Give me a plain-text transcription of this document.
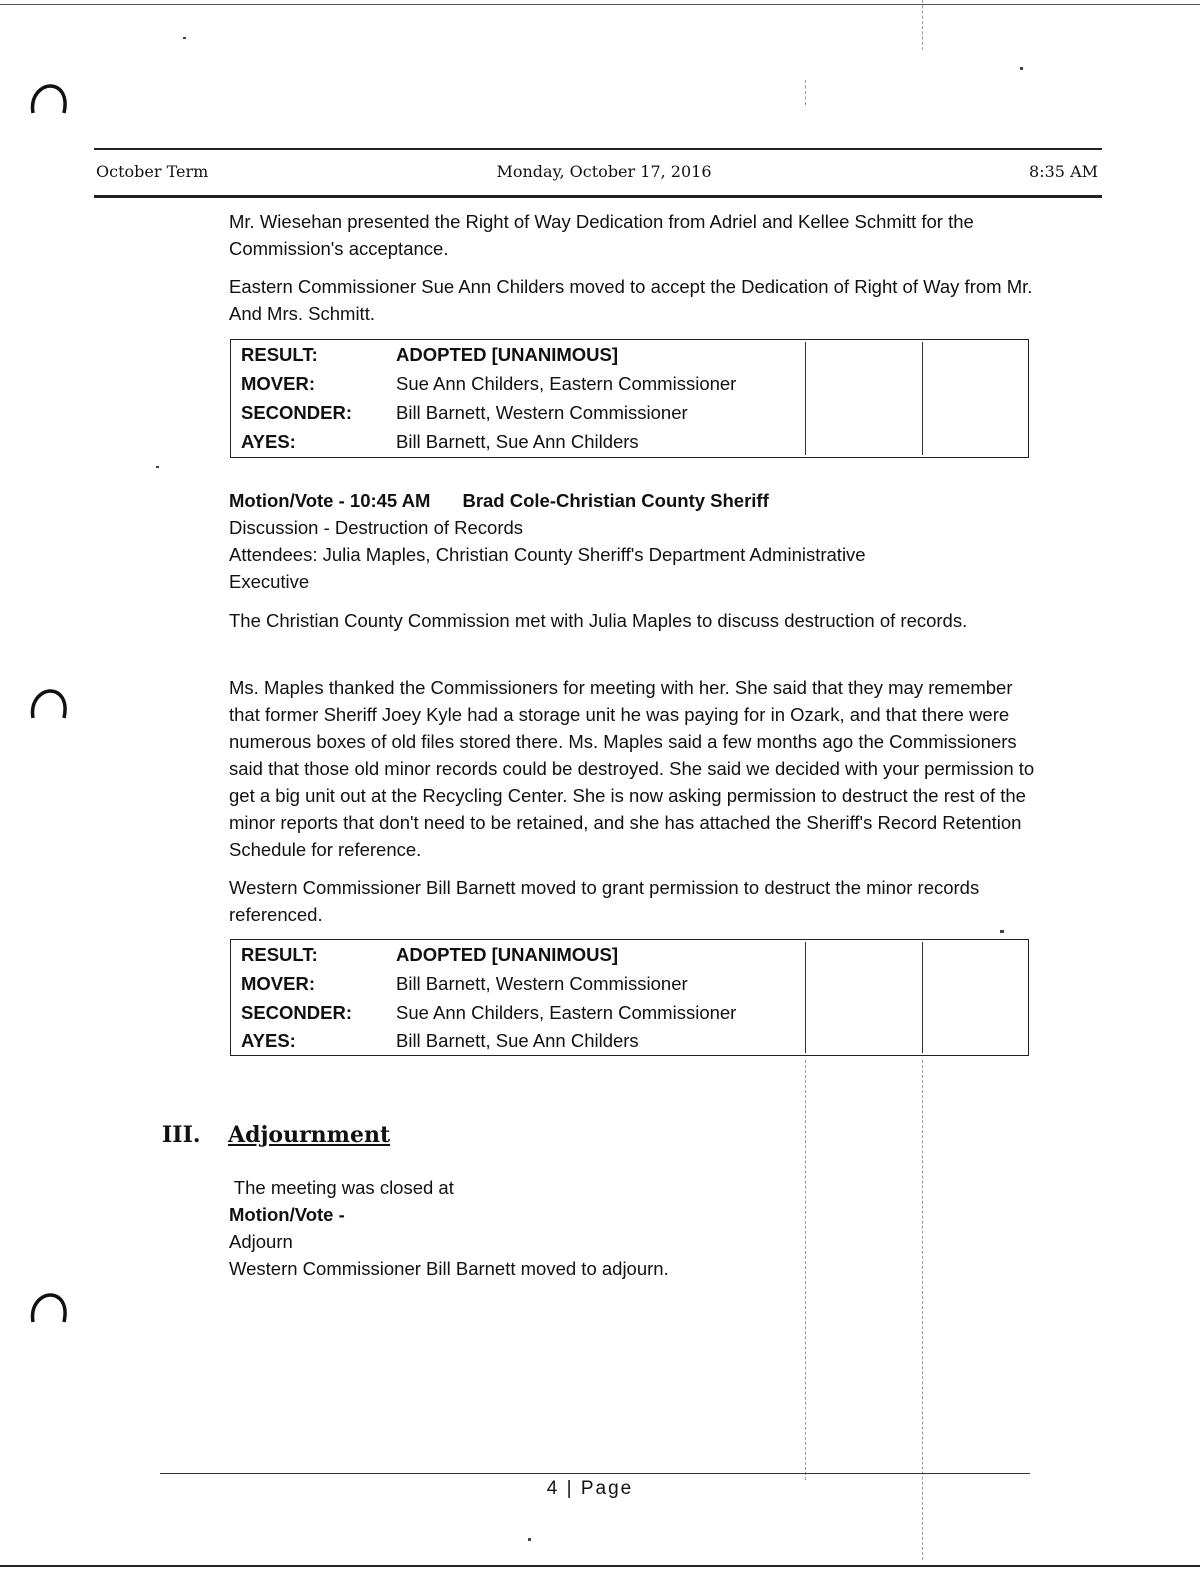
October Term	Monday, October 17, 2016	8:35 AM

Mr. Wiesehan presented the Right of Way Dedication from Adriel and Kellee Schmitt for the Commission's acceptance.

Eastern Commissioner Sue Ann Childers moved to accept the Dedication of Right of Way from Mr. And Mrs. Schmitt.

RESULT:	ADOPTED [UNANIMOUS]
MOVER:	Sue Ann Childers, Eastern Commissioner
SECONDER: Bill Barnett, Western Commissioner
AYES:	Bill Barnett, Sue Ann Childers

Motion/Vote - 10:45 AM Brad Cole-Christian County Sheriff

Discussion - Destruction of Records

Attendees: Julia Maples, Christian County Sheriff's Department Administrative Executive

The Christian County Commission met with Julia Maples to discuss destruction of records.

Ms. Maples thanked the Commissioners for meeting with her. She said that they may remember that former Sheriff Joey Kyle had a storage unit he was paying for in Ozark, and that there were numerous boxes of old files stored there. Ms. Maples said a few months ago the Commissioners said that those old minor records could be destroyed. She said we decided with your permission to get a big unit out at the Recycling Center. She is now asking permission to destruct the rest of the minor reports that don't need to be retained, and she has attached the Sheriff's Record Retention Schedule for reference.

Western Commissioner Bill Barnett moved to grant permission to destruct the minor records referenced.

RESULT:	ADOPTED [UNANIMOUS]
MOVER:	Bill Barnett, Western Commissioner
SECONDER: Sue Ann Childers, Eastern Commissioner
AYES:	Bill Barnett, Sue Ann Childers
III. Adjournment

The meeting was closed at

Motion/Vote -

Adjourn

Western Commissioner Bill Barnett moved to adjourn.

4 | Page
